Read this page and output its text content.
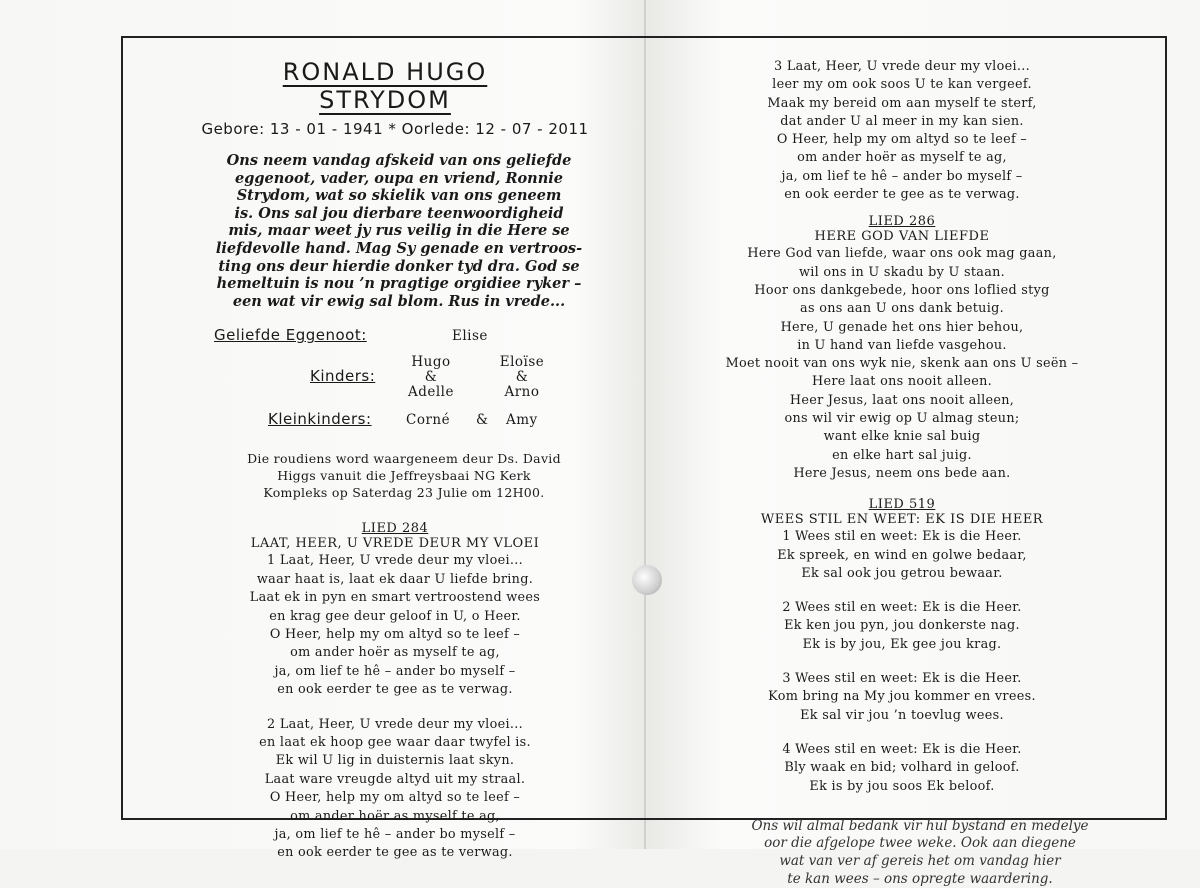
RONALD HUGO STRYDOM
Gebore: 13 - 01 - 1941 * Oorlede: 12 - 07 - 2011
Ons neem vandag afskeid van ons geliefde
eggenoot, vader, oupa en vriend, Ronnie
Strydom, wat so skielik van ons geneem
is. Ons sal jou dierbare teenwoordigheid
mis, maar weet jy rus veilig in die Here se
liefdevolle hand. Mag Sy genade en vertroos-
ting ons deur hierdie donker tyd dra. God se
hemeltuin is nou ’n pragtige orgidiee ryker –
een wat vir ewig sal blom. Rus in vrede...
Geliefde Eggenoot:	Elise
Hugo
&
Adelle
Kinders:
Eloïse
&
Arno
Kleinkinders:	Corné & Amy
Die roudiens word waargeneem deur Ds. David
Higgs vanuit die Jeffreysbaai NG Kerk
Kompleks op Saterdag 23 Julie om 12H00.
LIED 284
LAAT, HEER, U VREDE DEUR MY VLOEI
1 Laat, Heer, U vrede deur my vloei...
waar haat is, laat ek daar U liefde bring.
Laat ek in pyn en smart vertroostend wees
en krag gee deur geloof in U, o Heer.
O Heer, help my om altyd so te leef –
om ander hoër as myself te ag,
ja, om lief te hê – ander bo myself –
en ook eerder te gee as te verwag.
2 Laat, Heer, U vrede deur my vloei...
en laat ek hoop gee waar daar twyfel is.
Ek wil U lig in duisternis laat skyn.
Laat ware vreugde altyd uit my straal.
O Heer, help my om altyd so te leef –
om ander hoër as myself te ag,
ja, om lief te hê – ander bo myself –
en ook eerder te gee as te verwag.
3 Laat, Heer, U vrede deur my vloei...
leer my om ook soos U te kan vergeef.
Maak my bereid om aan myself te sterf,
dat ander U al meer in my kan sien.
O Heer, help my om altyd so te leef –
om ander hoër as myself te ag,
ja, om lief te hê – ander bo myself –
en ook eerder te gee as te verwag.
LIED 286
HERE GOD VAN LIEFDE
Here God van liefde, waar ons ook mag gaan,
wil ons in U skadu by U staan.
Hoor ons dankgebede, hoor ons loflied styg
as ons aan U ons dank betuig.
Here, U genade het ons hier behou,
in U hand van liefde vasgehou.
Moet nooit van ons wyk nie, skenk aan ons U seën –
Here laat ons nooit alleen.
Heer Jesus, laat ons nooit alleen,
ons wil vir ewig op U almag steun;
want elke knie sal buig
en elke hart sal juig.
Here Jesus, neem ons bede aan.
LIED 519
WEES STIL EN WEET: EK IS DIE HEER
1 Wees stil en weet: Ek is die Heer.
Ek spreek, en wind en golwe bedaar,
Ek sal ook jou getrou bewaar.
2 Wees stil en weet: Ek is die Heer.
Ek ken jou pyn, jou donkerste nag.
Ek is by jou, Ek gee jou krag.
3 Wees stil en weet: Ek is die Heer.
Kom bring na My jou kommer en vrees.
Ek sal vir jou ’n toevlug wees.
4 Wees stil en weet: Ek is die Heer.
Bly waak en bid; volhard in geloof.
Ek is by jou soos Ek beloof.
Ons wil almal bedank vir hul bystand en medelye
oor die afgelope twee weke. Ook aan diegene
wat van ver af gereis het om vandag hier
te kan wees – ons opregte waardering.
